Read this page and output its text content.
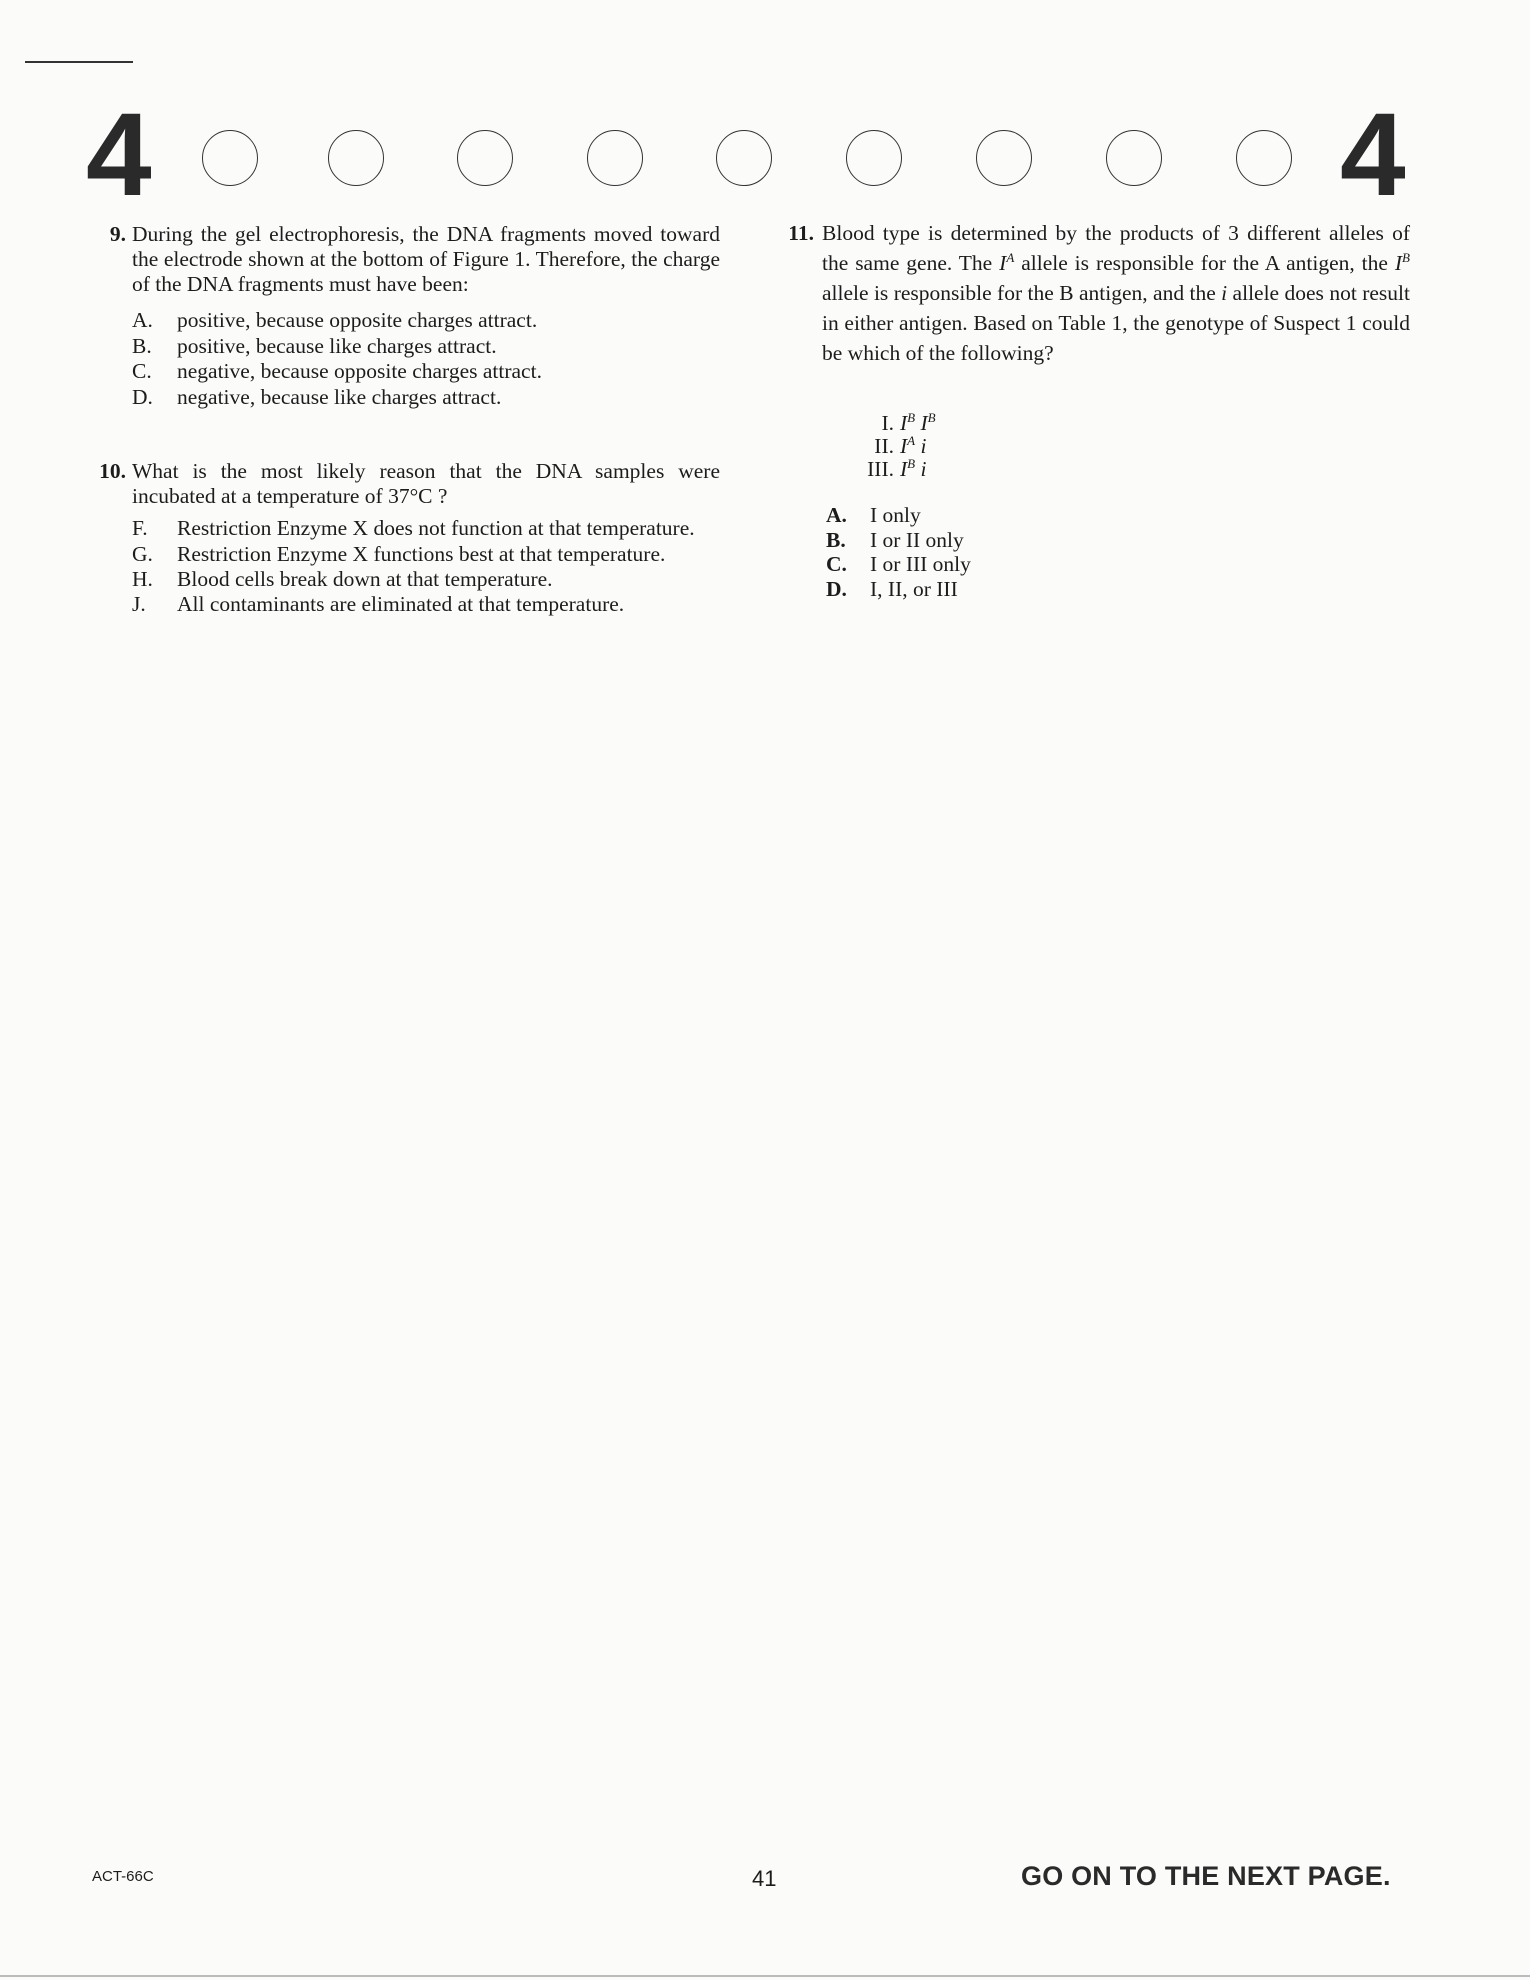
4	4
9. During the gel electrophoresis, the DNA fragments moved toward the electrode shown at the bottom of Figure 1. Therefore, the charge of the DNA fragments must have been:
A.	positive, because opposite charges attract.
B.	positive, because like charges attract.
C.	negative, because opposite charges attract.
D.	negative, because like charges attract.
10. What is the most likely reason that the DNA samples were incubated at a temperature of 37°C ?
F.	Restriction Enzyme X does not function at that temperature.
G.	Restriction Enzyme X functions best at that temperature.
H.	Blood cells break down at that temperature.
J.	All contaminants are eliminated at that temperature.
11. Blood type is determined by the products of 3 different alleles of the same gene. The $I^A$ allele is responsible for the A antigen, the $I^B$ allele is responsible for the B antigen, and the i allele does not result in either antigen. Based on Table 1, the genotype of Suspect 1 could be which of the following?
I. $I^B$ $I^B$
II. $I^A$ i
III. $I^B$ i
A. I only
B. I or II only
C. I or III only
D. I, II, or III
ACT-66C	41	GO ON TO THE NEXT PAGE.
